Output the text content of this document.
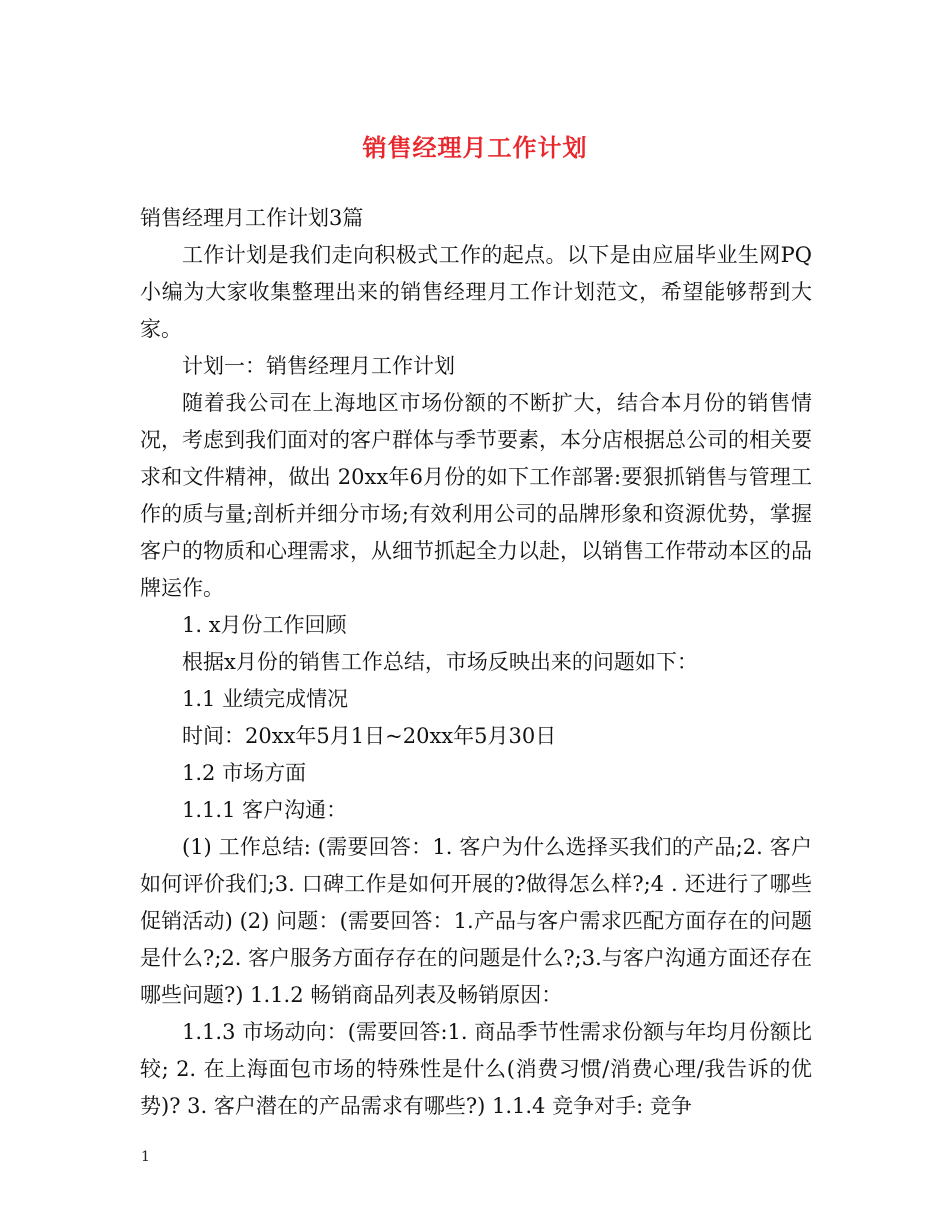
销售经理月工作计划

销售经理月工作计划3篇

工作计划是我们走向积极式工作的起点。以下是由应届毕业生网PQ小编为大家收集整理出来的销售经理月工作计划范文，希望能够帮到大家。

计划一：销售经理月工作计划

随着我公司在上海地区市场份额的不断扩大，结合本月份的销售情况，考虑到我们面对的客户群体与季节要素，本分店根据总公司的相关要求和文件精神，做出 20xx年6月份的如下工作部署:要狠抓销售与管理工作的质与量;剖析并细分市场;有效利用公司的品牌形象和资源优势，掌握客户的物质和心理需求，从细节抓起全力以赴，以销售工作带动本区的品牌运作。

1. x月份工作回顾

根据x月份的销售工作总结，市场反映出来的问题如下：

1.1 业绩完成情况

时间：20xx年5月1日~20xx年5月30日

1.2 市场方面

1.1.1 客户沟通：

(1) 工作总结: (需要回答：1. 客户为什么选择买我们的产品;2. 客户如何评价我们;3. 口碑工作是如何开展的?做得怎么样?;4 . 还进行了哪些促销活动) (2) 问题：(需要回答：1.产品与客户需求匹配方面存在的问题是什么?;2. 客户服务方面存存在的问题是什么?;3.与客户沟通方面还存在哪些问题?) 1.1.2 畅销商品列表及畅销原因：

1.1.3 市场动向：(需要回答:1. 商品季节性需求份额与年均月份额比较; 2. 在上海面包市场的特殊性是什么(消费习惯/消费心理/我告诉的优势)? 3. 客户潜在的产品需求有哪些?) 1.1.4 竞争对手: 竞争

1
